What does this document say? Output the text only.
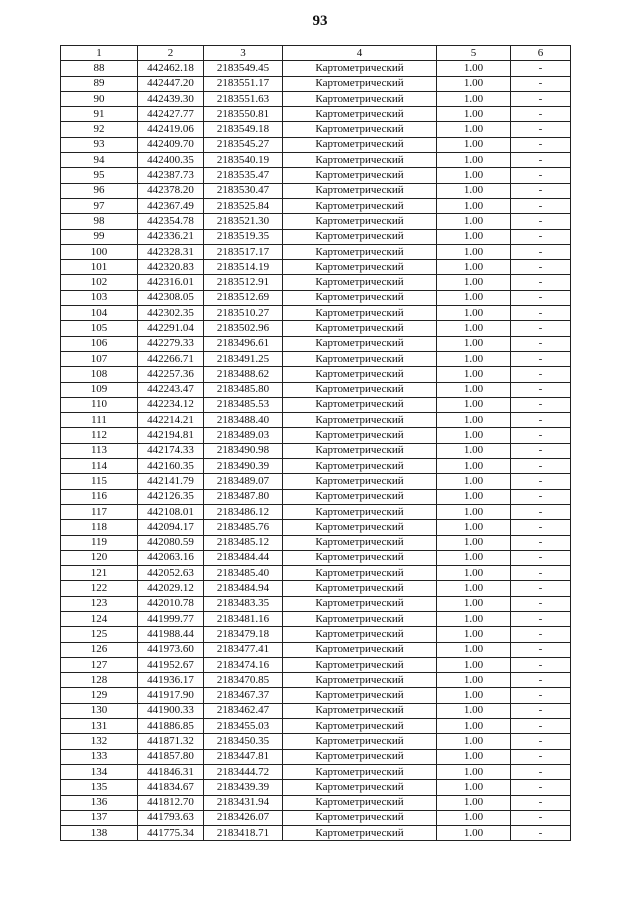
93
1	2	3	4	5	6
88	442462.18	2183549.45	Картометрический	1.00	-
89	442447.20	2183551.17	Картометрический	1.00	-
90	442439.30	2183551.63	Картометрический	1.00	-
91	442427.77	2183550.81	Картометрический	1.00	-
92	442419.06	2183549.18	Картометрический	1.00	-
93	442409.70	2183545.27	Картометрический	1.00	-
94	442400.35	2183540.19	Картометрический	1.00	-
95	442387.73	2183535.47	Картометрический	1.00	-
96	442378.20	2183530.47	Картометрический	1.00	-
97	442367.49	2183525.84	Картометрический	1.00	-
98	442354.78	2183521.30	Картометрический	1.00	-
99	442336.21	2183519.35	Картометрический	1.00	-
100	442328.31	2183517.17	Картометрический	1.00	-
101	442320.83	2183514.19	Картометрический	1.00	-
102	442316.01	2183512.91	Картометрический	1.00	-
103	442308.05	2183512.69	Картометрический	1.00	-
104	442302.35	2183510.27	Картометрический	1.00	-
105	442291.04	2183502.96	Картометрический	1.00	-
106	442279.33	2183496.61	Картометрический	1.00	-
107	442266.71	2183491.25	Картометрический	1.00	-
108	442257.36	2183488.62	Картометрический	1.00	-
109	442243.47	2183485.80	Картометрический	1.00	-
110	442234.12	2183485.53	Картометрический	1.00	-
111	442214.21	2183488.40	Картометрический	1.00	-
112	442194.81	2183489.03	Картометрический	1.00	-
113	442174.33	2183490.98	Картометрический	1.00	-
114	442160.35	2183490.39	Картометрический	1.00	-
115	442141.79	2183489.07	Картометрический	1.00	-
116	442126.35	2183487.80	Картометрический	1.00	-
117	442108.01	2183486.12	Картометрический	1.00	-
118	442094.17	2183485.76	Картометрический	1.00	-
119	442080.59	2183485.12	Картометрический	1.00	-
120	442063.16	2183484.44	Картометрический	1.00	-
121	442052.63	2183485.40	Картометрический	1.00	-
122	442029.12	2183484.94	Картометрический	1.00	-
123	442010.78	2183483.35	Картометрический	1.00	-
124	441999.77	2183481.16	Картометрический	1.00	-
125	441988.44	2183479.18	Картометрический	1.00	-
126	441973.60	2183477.41	Картометрический	1.00	-
127	441952.67	2183474.16	Картометрический	1.00	-
128	441936.17	2183470.85	Картометрический	1.00	-
129	441917.90	2183467.37	Картометрический	1.00	-
130	441900.33	2183462.47	Картометрический	1.00	-
131	441886.85	2183455.03	Картометрический	1.00	-
132	441871.32	2183450.35	Картометрический	1.00	-
133	441857.80	2183447.81	Картометрический	1.00	-
134	441846.31	2183444.72	Картометрический	1.00	-
135	441834.67	2183439.39	Картометрический	1.00	-
136	441812.70	2183431.94	Картометрический	1.00	-
137	441793.63	2183426.07	Картометрический	1.00	-
138	441775.34	2183418.71	Картометрический	1.00	-
